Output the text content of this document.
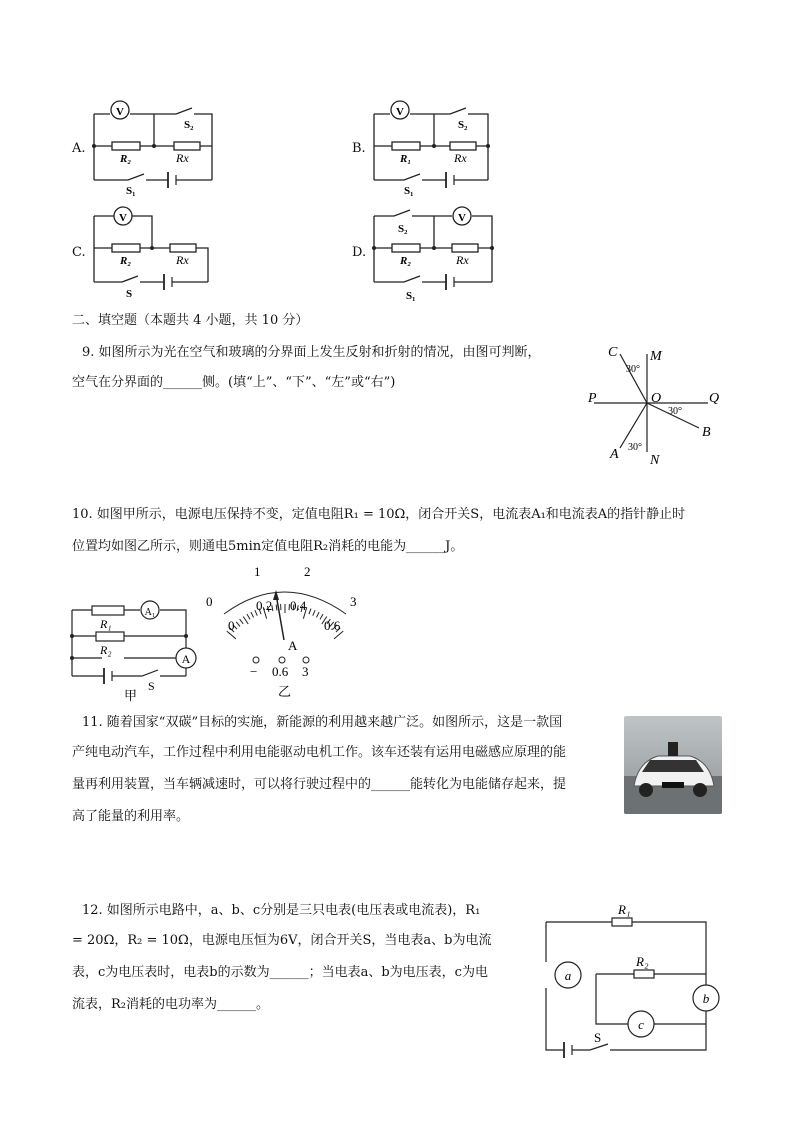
A.
V
S₂
R₂	Rx
S₁
B.
V
S₂
R₁	Rx
S₁
C.
V
R₂	Rx
S
D.
V
S₂
R₂	Rx
S₁
二、填空题（本题共 4 小题，共 10 分）
9. 如图所示为光在空气和玻璃的分界面上发生反射和折射的情况，由图可判断，
空气在分界面的______侧。(填“上”、“下”、“左”或“右”)
C M
30°
P	O	Q
30°
B
30°
A N
10. 如图甲所示，电源电压保持不变，定值电阻R₁ = 10Ω，闭合开关S，电流表A₁和电流表A的指针静止时
位置均如图乙所示，则通电5min定值电阻R₂消耗的电能为______J。
A₁
A
R₁
R₂
S
甲
0
1	2
3
0
0.2 0.4
0.6
A
− 0.6 3
乙
11. 随着国家“双碳”目标的实施，新能源的利用越来越广泛。如图所示，这是一款国
产纯电动汽车，工作过程中利用电能驱动电机工作。该车还装有运用电磁感应原理的能
量再利用装置，当车辆减速时，可以将行驶过程中的______能转化为电能储存起来，提
高了能量的利用率。
12. 如图所示电路中，a、b、c分别是三只电表(电压表或电流表)，R₁
= 20Ω，R₂ = 10Ω，电源电压恒为6V，闭合开关S，当电表a、b为电流
表，c为电压表时，电表b的示数为______；当电表a、b为电压表，c为电
流表，R₂消耗的电功率为______。
R₁
R₂
a
b
c
S
